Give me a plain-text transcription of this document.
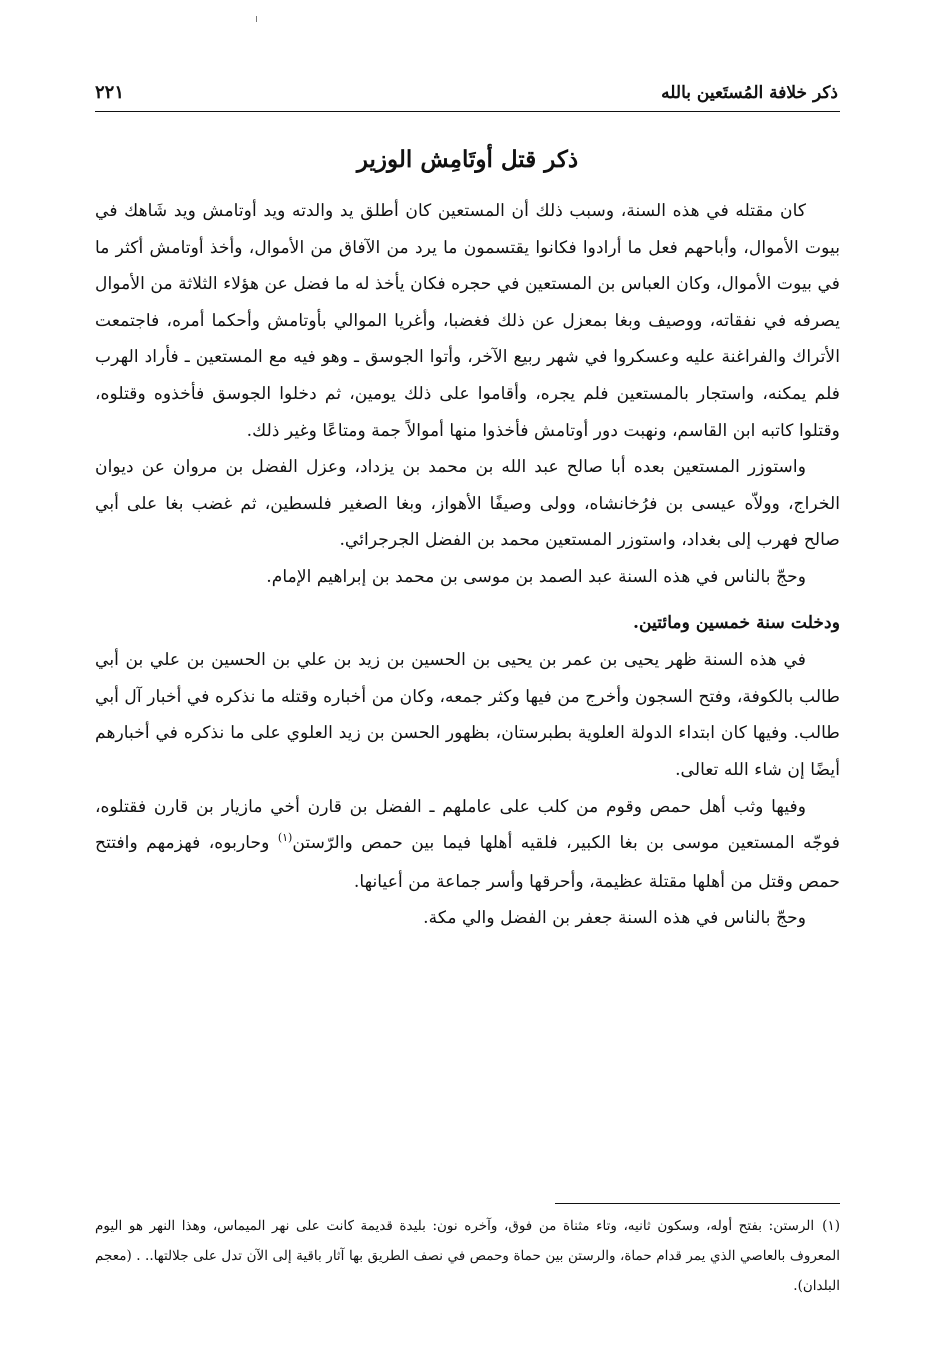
ذكر خلافة المُستَعين بالله
٢٢١
ذكر قتل أوتَامِش الوزير

كان مقتله في هذه السنة، وسبب ذلك أن المستعين كان أطلق يد والدته ويد أوتامش ويد شَاهك في بيوت الأموال، وأباحهم فعل ما أرادوا فكانوا يقتسمون ما يرد من الآفاق من الأموال، وأخذ أوتامش أكثر ما في بيوت الأموال، وكان العباس بن المستعين في حجره فكان يأخذ له ما فضل عن هؤلاء الثلاثة من الأموال يصرفه في نفقاته، ووصيف وبغا بمعزل عن ذلك فغضبا، وأغريا الموالي بأوتامش وأحكما أمره، فاجتمعت الأتراك والفراغنة عليه وعسكروا في شهر ربيع الآخر، وأتوا الجوسق ـ وهو فيه مع المستعين ـ فأراد الهرب فلم يمكنه، واستجار بالمستعين فلم يجره، وأقاموا على ذلك يومين، ثم دخلوا الجوسق فأخذوه وقتلوه، وقتلوا كاتبه ابن القاسم، ونهبت دور أوتامش فأخذوا منها أموالاً جمة ومتاعًا وغير ذلك.

واستوزر المستعين بعده أبا صالح عبد الله بن محمد بن يزداد، وعزل الفضل بن مروان عن ديوان الخراج، وولاّه عيسى بن فرُخانشاه، وولى وصيفًا الأهواز، وبغا الصغير فلسطين، ثم غضب بغا على أبي صالح فهرب إلى بغداد، واستوزر المستعين محمد بن الفضل الجرجرائي.

وحجّ بالناس في هذه السنة عبد الصمد بن موسى بن محمد بن إبراهيم الإمام.

ودخلت سنة خمسين ومائتين.

في هذه السنة ظهر يحيى بن عمر بن يحيى بن الحسين بن زيد بن علي بن الحسين بن علي بن أبي طالب بالكوفة، وفتح السجون وأخرج من فيها وكثر جمعه، وكان من أخباره وقتله ما نذكره في أخبار آل أبي طالب. وفيها كان ابتداء الدولة العلوية بطبرستان، بظهور الحسن بن زيد العلوي على ما نذكره في أخبارهم أيضًا إن شاء الله تعالى.

وفيها وثب أهل حمص وقوم من كلب على عاملهم ـ الفضل بن قارن أخي مازيار بن قارن فقتلوه، فوجّه المستعين موسى بن بغا الكبير، فلقيه أهلها فيما بين حمص والرّستن$^{(١)}$ وحاربوه، فهزمهم وافتتح حمص وقتل من أهلها مقتلة عظيمة، وأحرقها وأسر جماعة من أعيانها.

وحجّ بالناس في هذه السنة جعفر بن الفضل والي مكة.

(١)الرستن: بفتح أوله، وسكون ثانيه، وتاء مثناة من فوق، وآخره نون: بليدة قديمة كانت على نهر الميماس، وهذا النهر هو اليوم المعروف بالعاصي الذي يمر قدام حماة، والرستن بين حماة وحمص في نصف الطريق بها آثار باقية إلى الآن تدل على جلالتها.. . (معجم البلدان).
